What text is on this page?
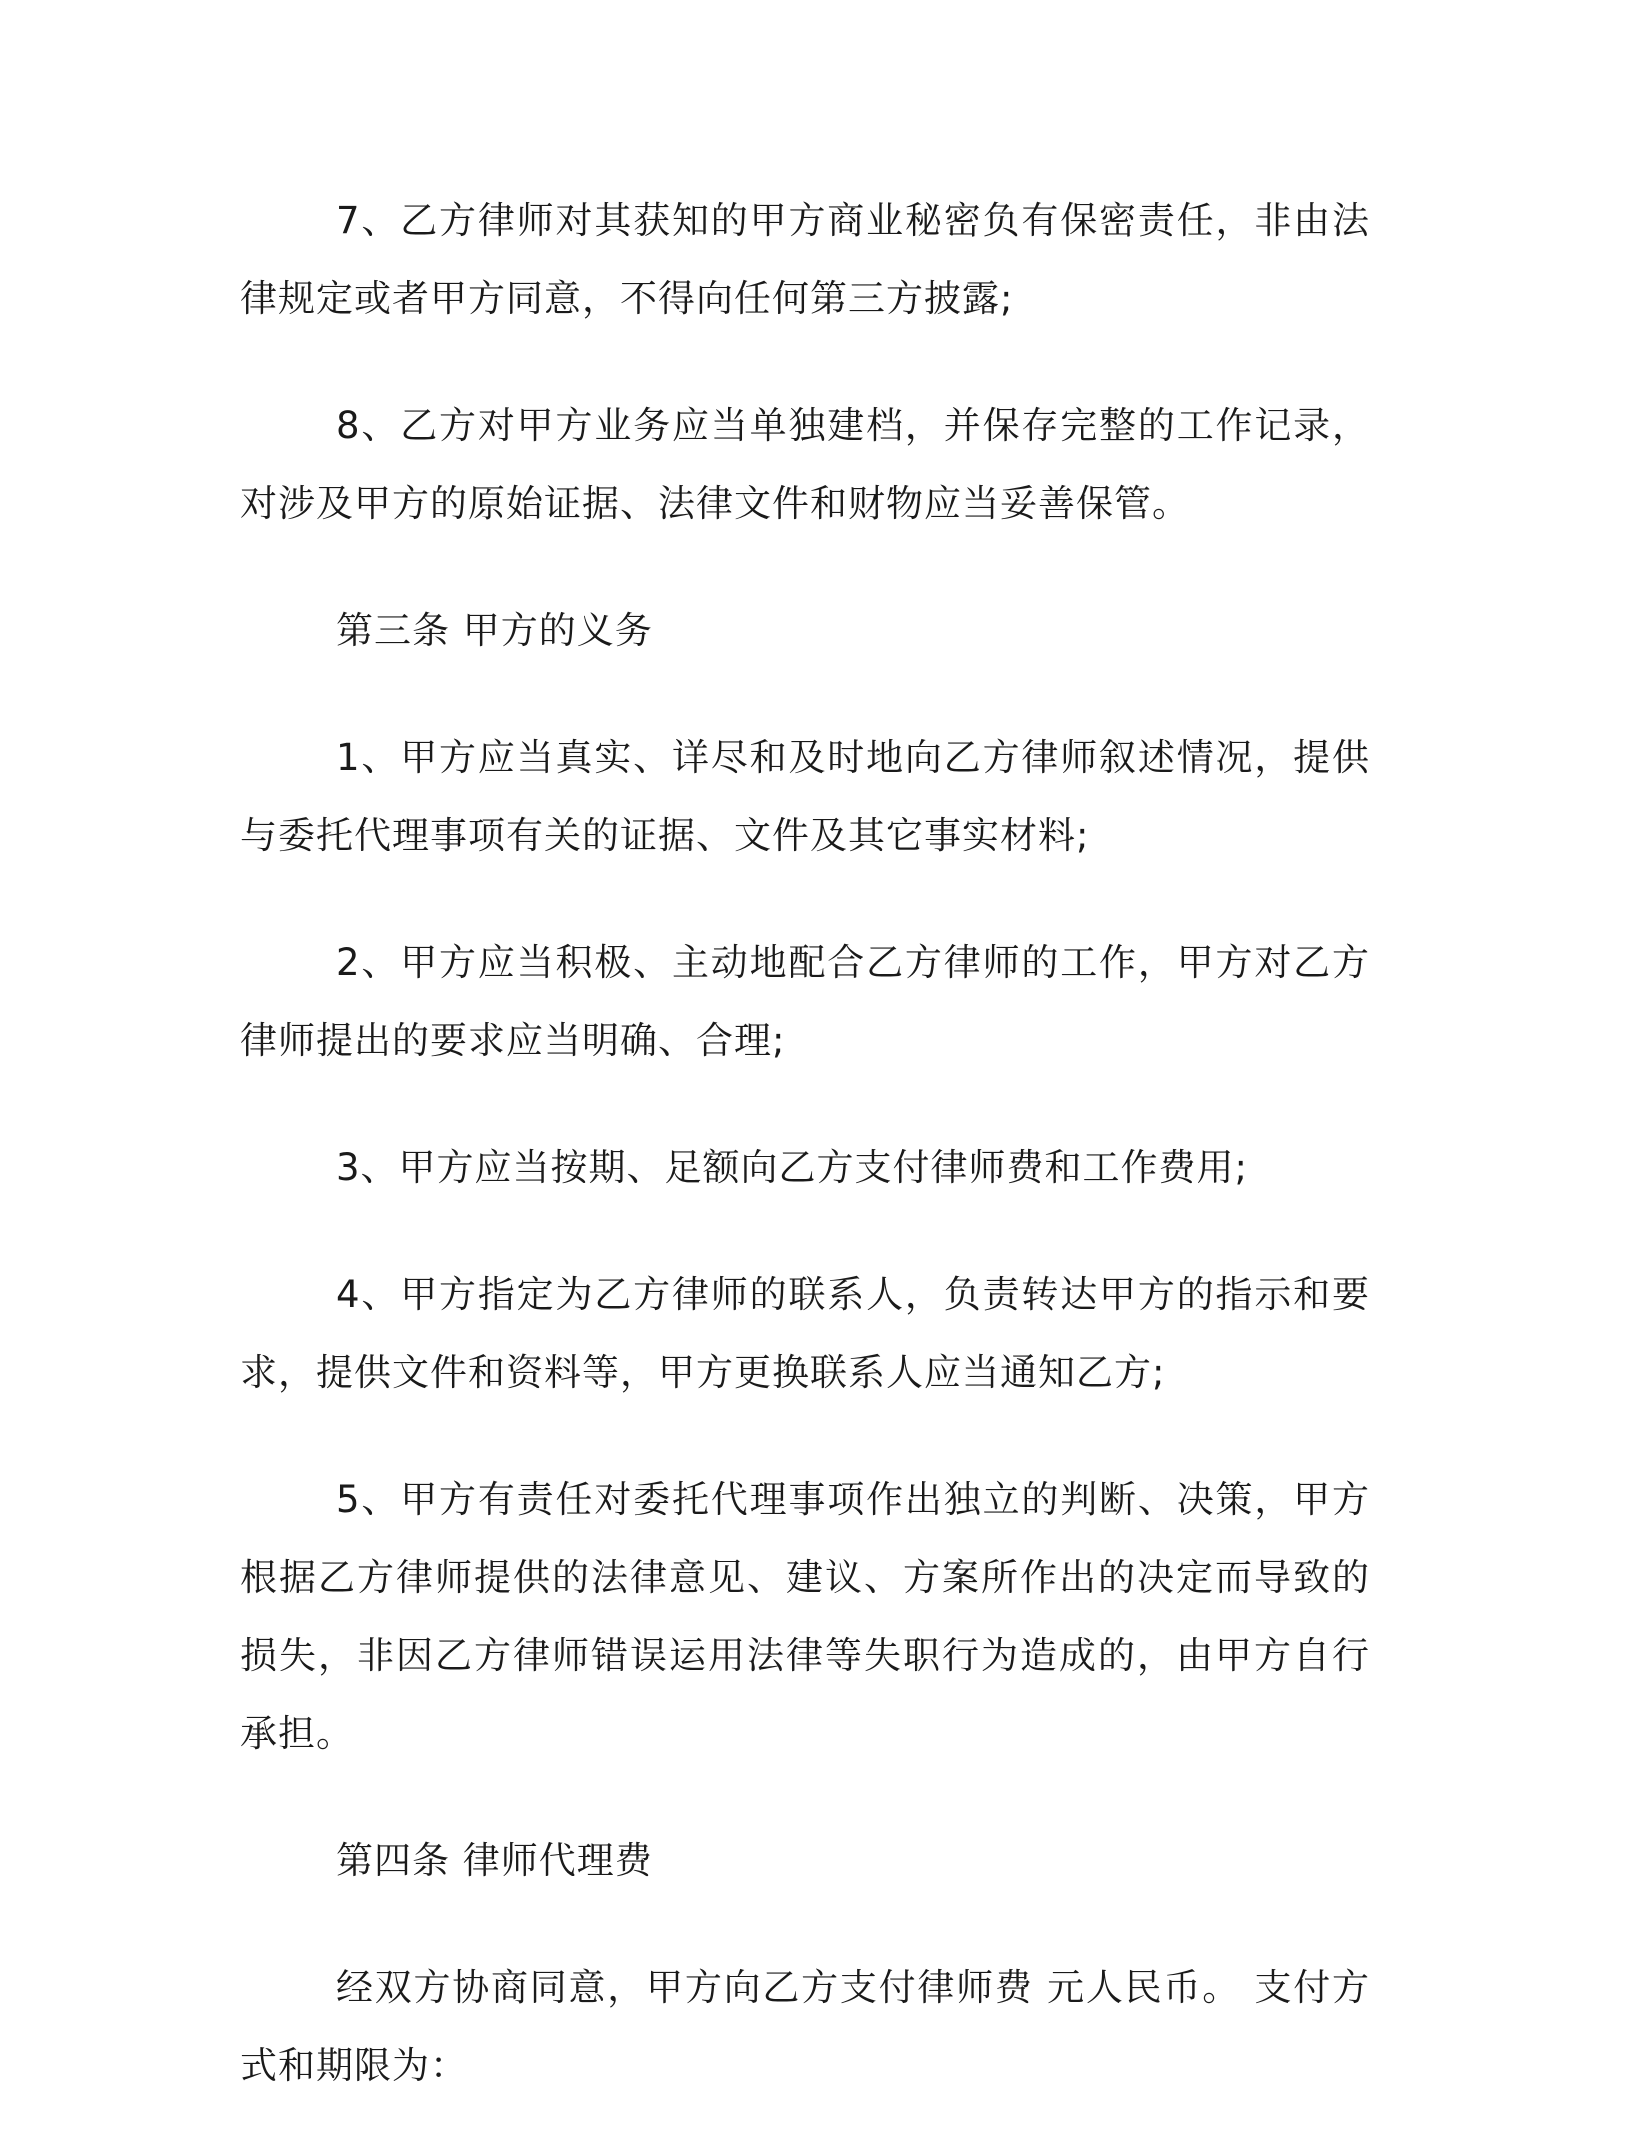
7、乙方律师对其获知的甲方商业秘密负有保密责任，非由法律规定或者甲方同意，不得向任何第三方披露;

8、乙方对甲方业务应当单独建档，并保存完整的工作记录，对涉及甲方的原始证据、法律文件和财物应当妥善保管。

第三条 甲方的义务

1、甲方应当真实、详尽和及时地向乙方律师叙述情况，提供与委托代理事项有关的证据、文件及其它事实材料;

2、甲方应当积极、主动地配合乙方律师的工作，甲方对乙方律师提出的要求应当明确、合理;

3、甲方应当按期、足额向乙方支付律师费和工作费用;

4、甲方指定为乙方律师的联系人，负责转达甲方的指示和要求，提供文件和资料等，甲方更换联系人应当通知乙方;

5、甲方有责任对委托代理事项作出独立的判断、决策，甲方根据乙方律师提供的法律意见、建议、方案所作出的决定而导致的损失，非因乙方律师错误运用法律等失职行为造成的，由甲方自行承担。

第四条 律师代理费

经双方协商同意，甲方向乙方支付律师费 元人民币。 支付方式和期限为：
